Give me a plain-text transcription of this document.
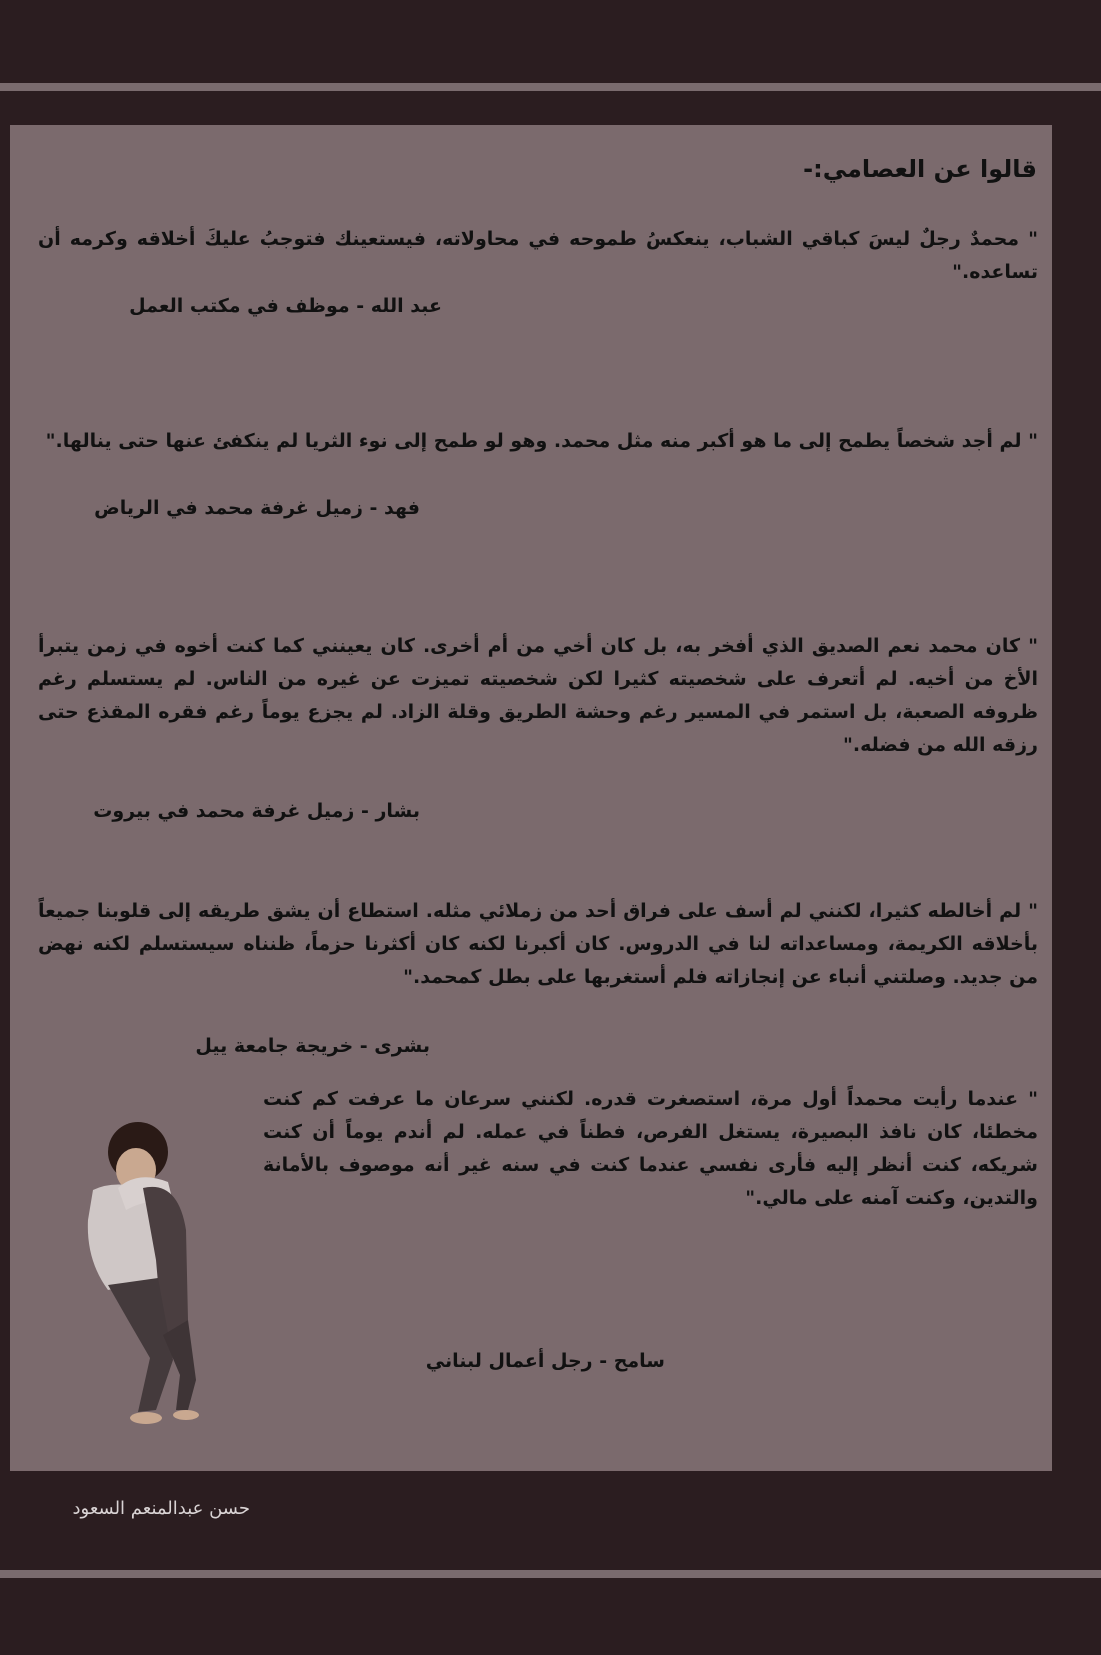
قالوا عن العصامي:-
" محمدٌ رجلٌ ليسَ كباقي الشباب، ينعكسُ طموحه في محاولاته، فيستعينك فتوجبُ عليكَ أخلاقه وكرمه أن تساعده."
عبد الله - موظف في مكتب العمل
" لم أجد شخصاً يطمح إلى ما هو أكبر منه مثل محمد. وهو لو طمح إلى نوء الثريا لم ينكفئ عنها حتى ينالها."
فهد - زميل غرفة محمد في الرياض
" كان محمد نعم الصديق الذي أفخر به، بل كان أخي من أم أخرى. كان يعينني كما كنت أخوه في زمن يتبرأ الأخ من أخيه. لم أتعرف على شخصيته كثيرا لكن شخصيته تميزت عن غيره من الناس. لم يستسلم رغم ظروفه الصعبة، بل استمر في المسير رغم وحشة الطريق وقلة الزاد. لم يجزع يوماً رغم فقره المقذع حتى رزقه الله من فضله."
بشار - زميل غرفة محمد في بيروت
" لم أخالطه كثيرا، لكنني لم أسف على فراق أحد من زملائي مثله. استطاع أن يشق طريقه إلى قلوبنا جميعاً بأخلاقه الكريمة، ومساعداته لنا في الدروس. كان أكبرنا لكنه كان أكثرنا حزماً، ظنناه سيستسلم لكنه نهض من جديد. وصلتني أنباء عن إنجازاته فلم أستغربها على بطل كمحمد."
بشرى - خريجة جامعة ييل
" عندما رأيت محمداً أول مرة، استصغرت قدره. لكنني سرعان ما عرفت كم كنت مخطئا، كان نافذ البصيرة، يستغل الفرص، فطناً في عمله. لم أندم يوماً أن كنت شريكه، كنت أنظر إليه فأرى نفسي عندما كنت في سنه غير أنه موصوف بالأمانة والتدين، وكنت آمنه على مالي."
سامح - رجل أعمال لبناني
حسن عبدالمنعم السعود
